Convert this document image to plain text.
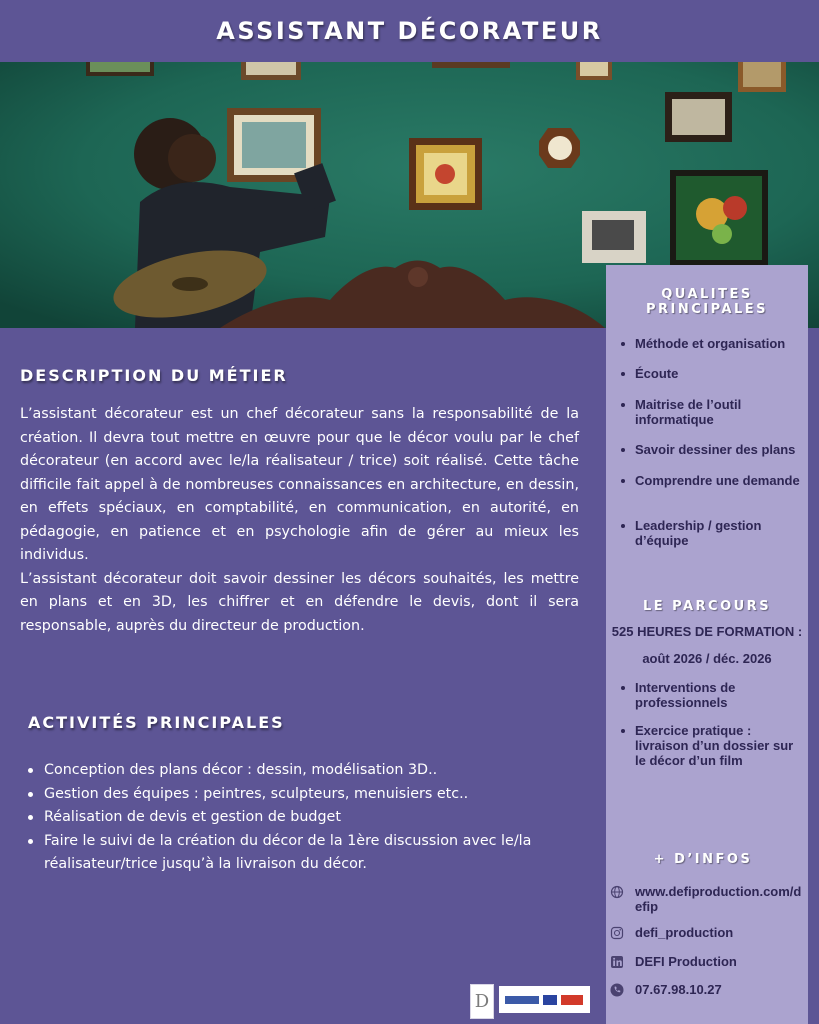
ASSISTANT DÉCORATEUR
DESCRIPTION DU MÉTIER

L’assistant décorateur est un chef décorateur sans la responsabilité de la création. Il devra tout mettre en œuvre pour que le décor voulu par le chef décorateur (en accord avec le/la réalisateur / trice) soit réalisé. Cette tâche difficile fait appel à de nombreuses connaissances en architecture, en dessin, en effets spéciaux, en comptabilité, en communication, en autorité, en pédagogie, en patience et en psychologie afin de gérer au mieux les individus.

L’assistant décorateur doit savoir dessiner les décors souhaités, les mettre en plans et en 3D, les chiffrer et en défendre le devis, dont il sera responsable, auprès du directeur de production.

ACTIVITÉS PRINCIPALES
Conception des plans décor : dessin, modélisation 3D..
Gestion des équipes : peintres, sculpteurs, menuisiers etc..
Réalisation de devis et gestion de budget
Faire le suivi de la création du décor de la 1ère discussion avec le/la réalisateur/trice jusqu’à la livraison du décor.
D
QUALITES PRINCIPALES
Méthode et organisation
Écoute
Maitrise de l’outil informatique
Savoir dessiner des plans
Comprendre une demande
Leadership / gestion d’équipe
LE PARCOURS
525 HEURES DE FORMATION :
août 2026 / déc. 2026
Interventions de professionnels
Exercice pratique : livraison d’un dossier sur le décor d’un film
+ D’INFOS
www.defiproduction.com/defip
defi_production
DEFI Production
07.67.98.10.27
